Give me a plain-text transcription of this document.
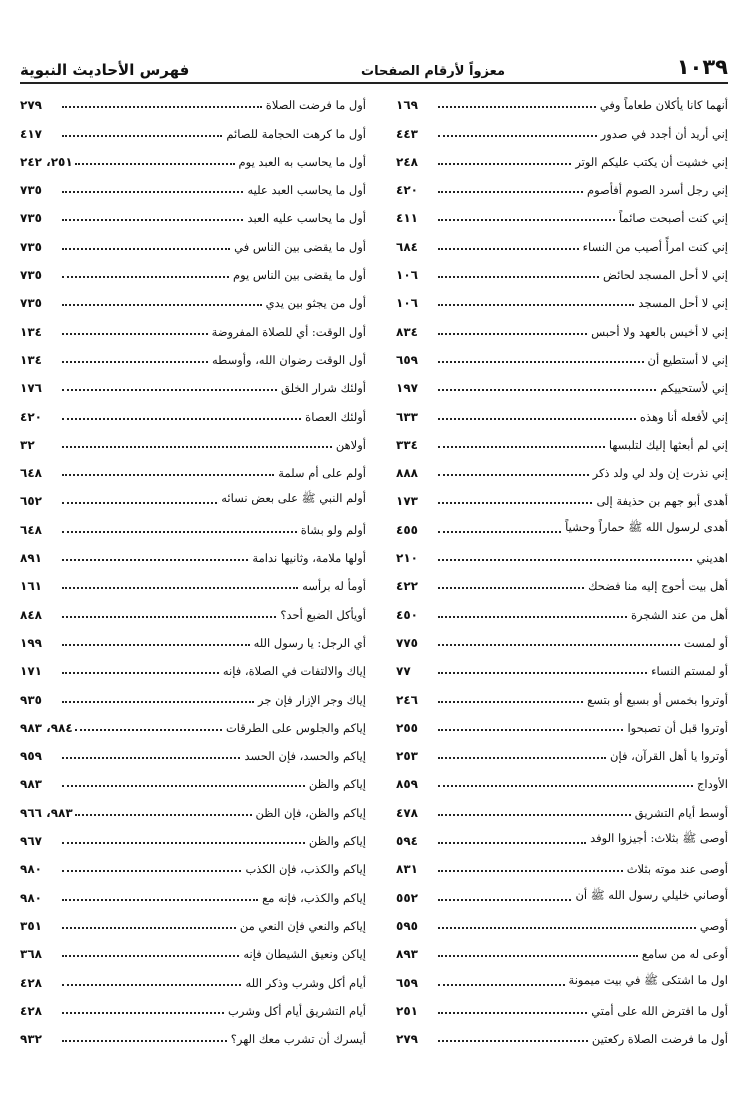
١٠٣٩
معزواً لأرقام الصفحات
فهرس الأحاديث النبوية
أنهما كانا يأكلان طعاماً وفي
١٦٩
إني أريد أن أجدد في صدور
٤٤٣
إني خشيت أن يكتب عليكم الوتر
٢٤٨
إني رجل أسرد الصوم أفأصوم
٤٢٠
إني كنت أصبحت صائماً
٤١١
إني كنت امرأً أصيب من النساء
٦٨٤
إني لا أحل المسجد لحائض
١٠٦
إني لا أحل المسجد
١٠٦
إني لا أخيس بالعهد ولا أحبس
٨٣٤
إني لا أستطيع أن
٦٥٩
إني لأستحييكم
١٩٧
إني لأفعله أنا وهذه
٦٣٣
إني لم أبعثها إليك لتلبسها
٣٣٤
إني نذرت إن ولد لي ولد ذكر
٨٨٨
أهدى أبو جهم بن حذيفة إلى
١٧٣
أهدى لرسول الله ﷺ حماراً وحشياً
٤٥٥
اهديني
٢١٠
أهل بيت أحوج إليه منا فضحك
٤٢٢
أهل من عند الشجرة
٤٥٠
أو لمست
٧٧٥
أو لمستم النساء
٧٧
أوتروا بخمس أو بسبع أو بتسع
٢٤٦
أوتروا قبل أن تصبحوا
٢٥٥
أوتروا يا أهل القرآن، فإن
٢٥٣
الأوداج
٨٥٩
أوسط أيام التشريق
٤٧٨
أوصى ﷺ بثلاث: أجيزوا الوفد
٥٩٤
أوصى عند موته بثلاث
٨٣١
أوصاني خليلي رسول الله ﷺ أن
٥٥٢
أوصي
٥٩٥
أوعى له من سامع
٨٩٣
اول ما اشتكى ﷺ في بيت ميمونة
٦٥٩
أول ما افترض الله على أمتي
٢٥١
أول ما فرضت الصلاة ركعتين
٢٧٩
أول ما فرضت الصلاة
٢٧٩
أول ما كرهت الحجامة للصائم
٤١٧
أول ما يحاسب به العبد يوم
٢٥١، ٢٤٢
أول ما يحاسب العبد عليه
٧٣٥
أول ما يحاسب عليه العبد
٧٣٥
أول ما يقضى بين الناس في
٧٣٥
أول ما يقضى بين الناس يوم
٧٣٥
أول من يجثو بين يدي
٧٣٥
أول الوقت: أي للصلاة المفروضة
١٣٤
أول الوقت رضوان الله، وأوسطه
١٣٤
أولئك شرار الخلق
١٧٦
أولئك العصاة
٤٢٠
أولاهن
٣٢
أولم على أم سلمة
٦٤٨
أولم النبي ﷺ على بعض نسائه
٦٥٢
أولم ولو بشاة
٦٤٨
أولها ملامة، وثانيها ندامة
٨٩١
أومأ له برأسه
١٦١
أويأكل الضبع أحد؟
٨٤٨
أي الرجل: يا رسول الله
١٩٩
إياك والالتفات في الصلاة، فإنه
١٧١
إياك وجر الإزار فإن جر
٩٣٥
إياكم والجلوس على الطرقات
٩٨٤، ٩٨٣
إياكم والحسد، فإن الحسد
٩٥٩
إياكم والظن
٩٨٣
إياكم والظن، فإن الظن
٩٨٣، ٩٦٦
إياكم والظن
٩٦٧
إياكم والكذب، فإن الكذب
٩٨٠
إياكم والكذب، فإنه مع
٩٨٠
إياكم والنعي فإن النعي من
٣٥١
إياكن ونعيق الشيطان فإنه
٣٦٨
أيام أكل وشرب وذكر الله
٤٢٨
أيام التشريق أيام أكل وشرب
٤٢٨
أيسرك أن تشرب معك الهر؟
٩٣٢
